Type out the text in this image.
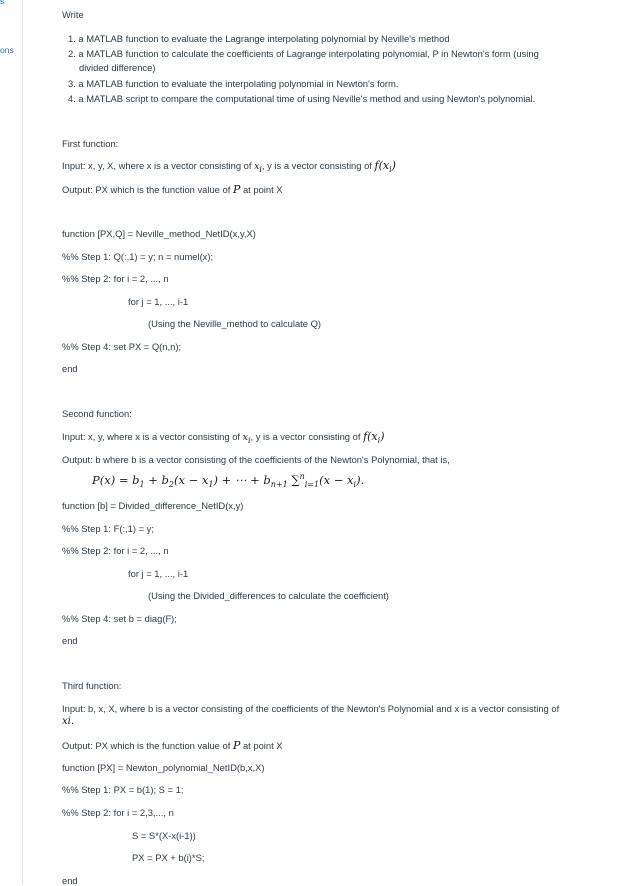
s
ons
Write
1. a MATLAB function to evaluate the Lagrange interpolating polynomial by Neville's method
2. a MATLAB function to calculate the coefficients of Lagrange interpolating polynomial, P in Newton's form (using
divided difference)
3. a MATLAB function to evaluate the interpolating polynomial in Newton's form.
4. a MATLAB script to compare the computational time of using Neville's method and using Newton's polynomial.
First function:
Input: x, y, X, where x is a vector consisting of $x_i$, y is a vector consisting of $f(x_i)$
Output: PX which is the function value of P at point X
function [PX,Q] = Neville_method_NetID(x,y,X)
%% Step 1: Q(:,1) = y; n = numel(x);
%% Step 2: for i = 2, ..., n
for j = 1, ..., i-1
(Using the Neville_method to calculate Q)
%% Step 4: set PX = Q(n,n);
end
Second function:
Input: x, y, where x is a vector consisting of $x_i$, y is a vector consisting of $f(x_i)$
Output: b where b is a vector consisting of the coefficients of the Newton's Polynomial, that is,
$P(x) = b_1 + b_2(x - x_1)$ + ⋯ + $b_{n+1}$ $\sum^n_{i=1}(x - x_i)$.
function [b] = Divided_difference_NetID(x,y)
%% Step 1: F(:,1) = y;
%% Step 2: for i = 2, ..., n
for j = 1, ..., i-1
(Using the Divided_differences to calculate the coefficient)
%% Step 4: set b = diag(F);
end
Third function:
Input: b, x, X, where b is a vector consisting of the coefficients of the Newton's Polynomial and x is a vector consisting of
xi.
Output: PX which is the function value of P at point X
function [PX] = Newton_polynomial_NetID(b,x,X)
%% Step 1: PX = b(1); S = 1;
%% Step 2: for i = 2,3,..., n
S = S*(X-x(i-1))
PX = PX + b(i)*S;
end
